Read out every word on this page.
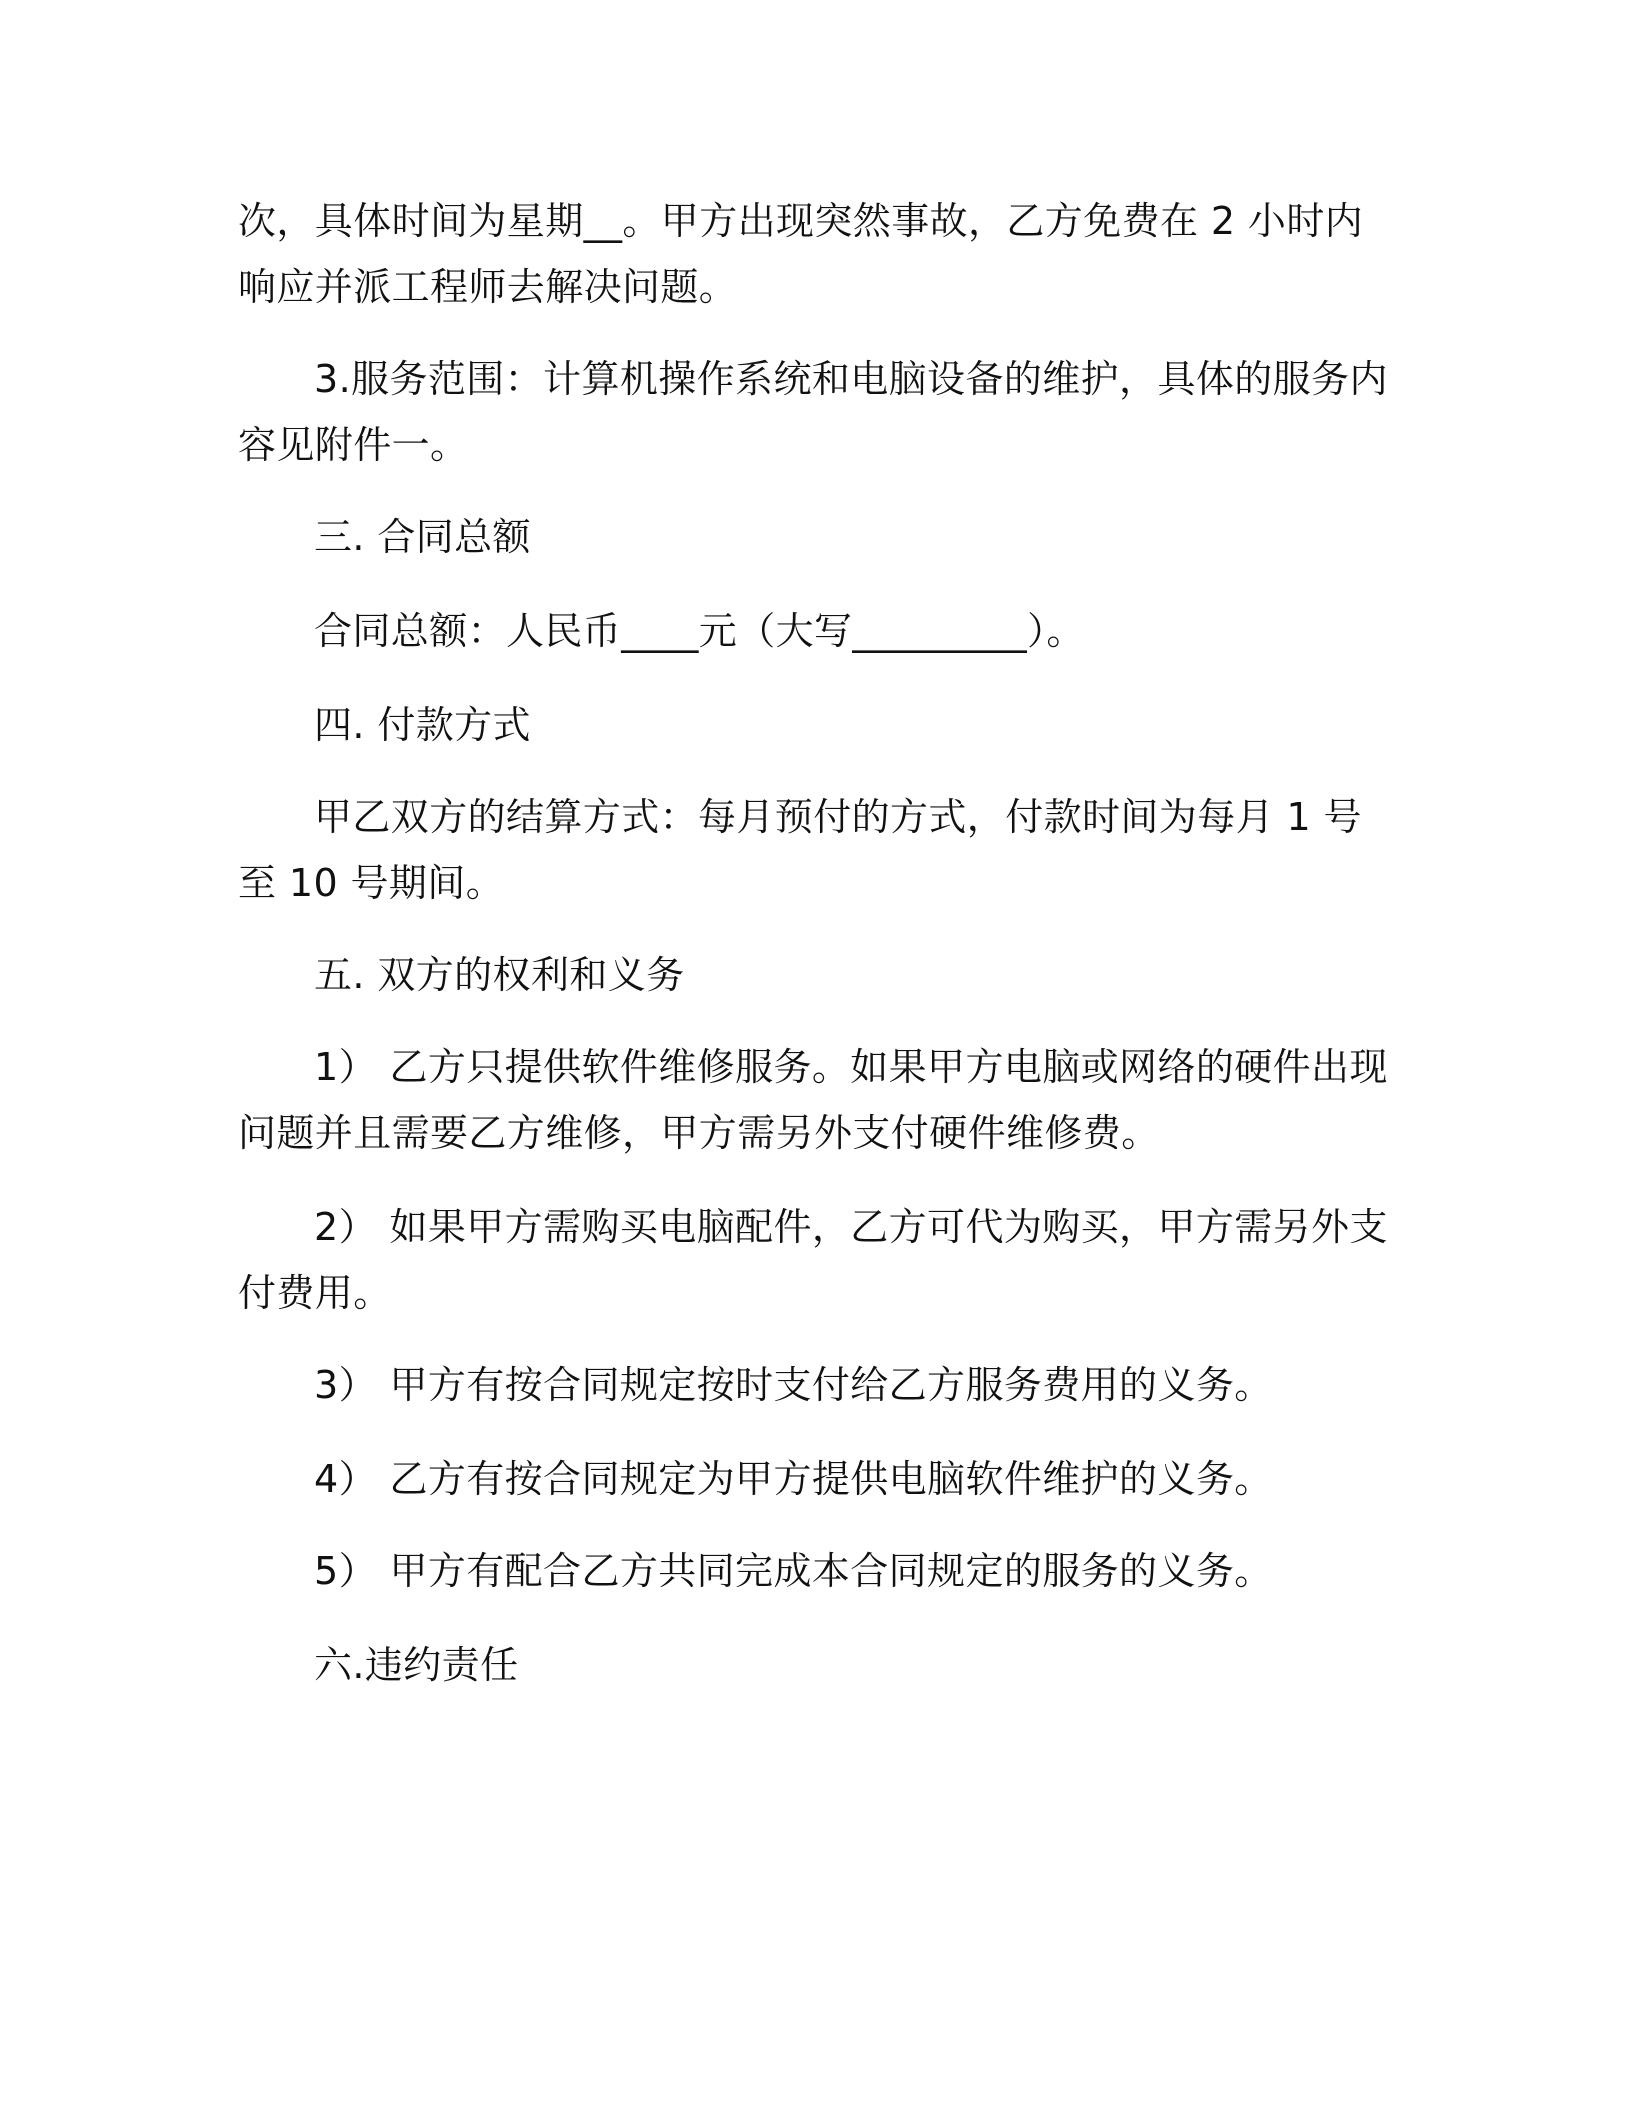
次，具体时间为星期__。甲方出现突然事故，乙方免费在 2 小时内响应并派工程师去解决问题。

3.服务范围：计算机操作系统和电脑设备的维护，具体的服务内容见附件一。

三. 合同总额

合同总额：人民币____元（大写_________）。

四. 付款方式

甲乙双方的结算方式：每月预付的方式，付款时间为每月 1 号至 10 号期间。

五. 双方的权利和义务

1） 乙方只提供软件维修服务。如果甲方电脑或网络的硬件出现问题并且需要乙方维修，甲方需另外支付硬件维修费。

2） 如果甲方需购买电脑配件，乙方可代为购买，甲方需另外支付费用。

3） 甲方有按合同规定按时支付给乙方服务费用的义务。

4） 乙方有按合同规定为甲方提供电脑软件维护的义务。

5） 甲方有配合乙方共同完成本合同规定的服务的义务。

六.违约责任
